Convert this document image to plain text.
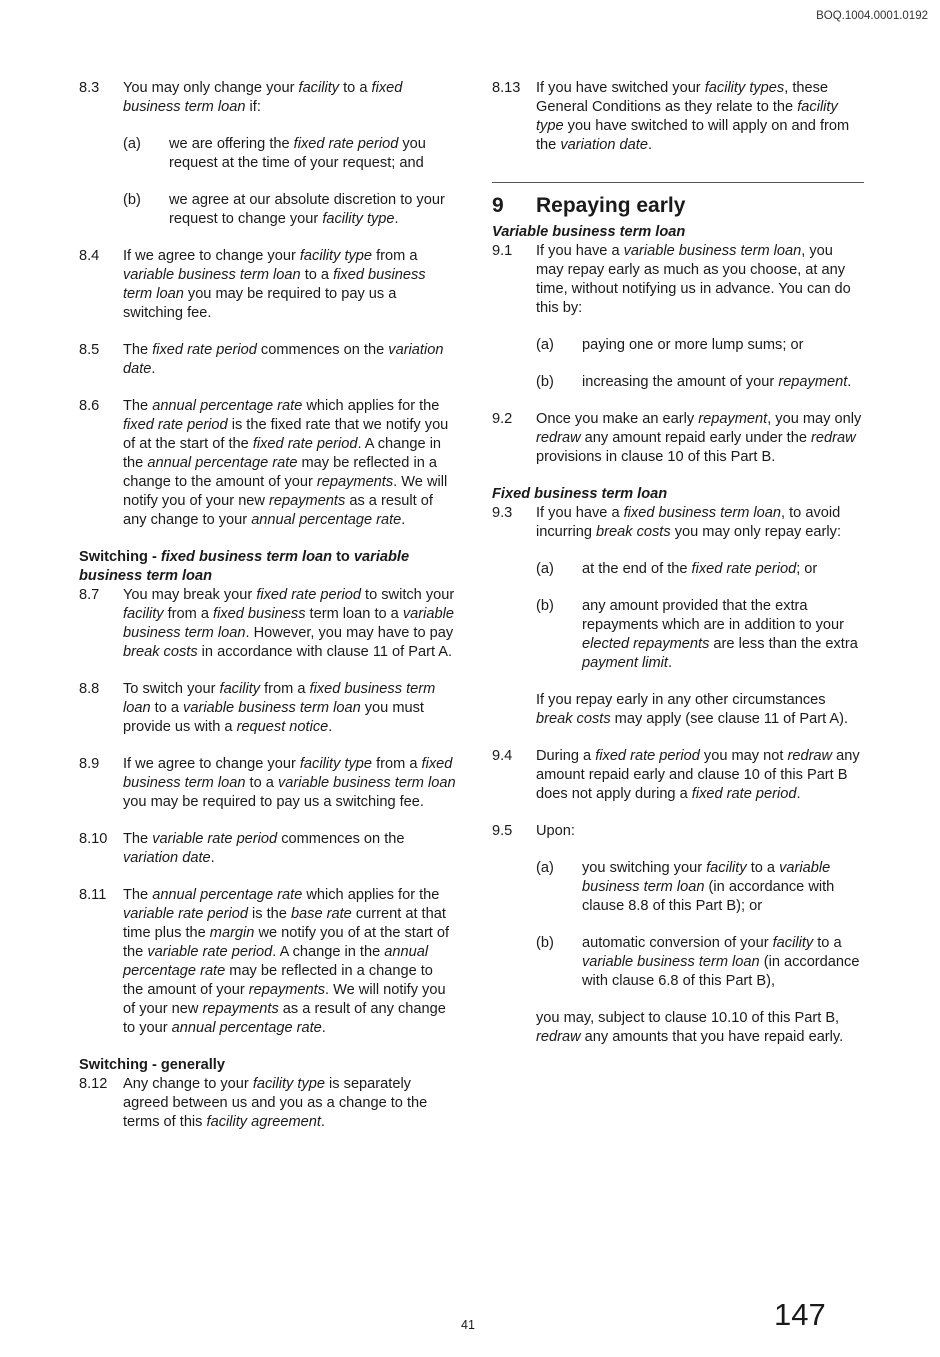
BOQ.1004.0001.0192
8.3 You may only change your facility to a fixed business term loan if:
(a) we are offering the fixed rate period you request at the time of your request; and
(b) we agree at our absolute discretion to your request to change your facility type.
8.4 If we agree to change your facility type from a variable business term loan to a fixed business term loan you may be required to pay us a switching fee.
8.5 The fixed rate period commences on the variation date.
8.6 The annual percentage rate which applies for the fixed rate period is the fixed rate that we notify you of at the start of the fixed rate period. A change in the annual percentage rate may be reflected in a change to the amount of your repayments. We will notify you of your new repayments as a result of any change to your annual percentage rate.
Switching - fixed business term loan to variable business term loan
8.7 You may break your fixed rate period to switch your facility from a fixed business term loan to a variable business term loan. However, you may have to pay break costs in accordance with clause 11 of Part A.
8.8 To switch your facility from a fixed business term loan to a variable business term loan you must provide us with a request notice.
8.9 If we agree to change your facility type from a fixed business term loan to a variable business term loan you may be required to pay us a switching fee.
8.10 The variable rate period commences on the variation date.
8.11 The annual percentage rate which applies for the variable rate period is the base rate current at that time plus the margin we notify you of at the start of the variable rate period. A change in the annual percentage rate may be reflected in a change to the amount of your repayments. We will notify you of your new repayments as a result of any change to your annual percentage rate.
Switching - generally
8.12 Any change to your facility type is separately agreed between us and you as a change to the terms of this facility agreement.
8.13 If you have switched your facility types, these General Conditions as they relate to the facility type you have switched to will apply on and from the variation date.
9 Repaying early
Variable business term loan
9.1 If you have a variable business term loan, you may repay early as much as you choose, at any time, without notifying us in advance. You can do this by:
(a) paying one or more lump sums; or
(b) increasing the amount of your repayment.
9.2 Once you make an early repayment, you may only redraw any amount repaid early under the redraw provisions in clause 10 of this Part B.
Fixed business term loan
9.3 If you have a fixed business term loan, to avoid incurring break costs you may only repay early:
(a) at the end of the fixed rate period; or
(b) any amount provided that the extra repayments which are in addition to your elected repayments are less than the extra payment limit.
If you repay early in any other circumstances break costs may apply (see clause 11 of Part A).
9.4 During a fixed rate period you may not redraw any amount repaid early and clause 10 of this Part B does not apply during a fixed rate period.
9.5 Upon:
(a) you switching your facility to a variable business term loan (in accordance with clause 8.8 of this Part B); or
(b) automatic conversion of your facility to a variable business term loan (in accordance with clause 6.8 of this Part B),
you may, subject to clause 10.10 of this Part B, redraw any amounts that you have repaid early.
41	147
